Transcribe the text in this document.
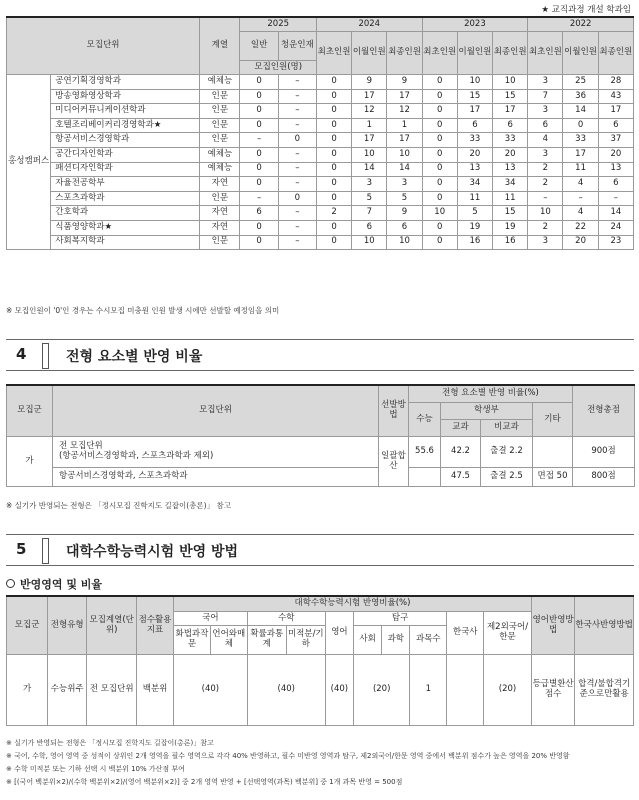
★ 교직과정 개설 학과임
모집단위		계열	2025		2024			2023			2022		
			일반	청운인재	최초인원	이월인원	최종인원	최초인원	이월인원	최종인원	최초인원	이월인원	최종인원
			모집인원(명)										
홍성캠퍼스	공연기획경영학과	예체능	0	–	0	9	9	0	10	10	3	25	28
	방송영화영상학과	인문	0	–	0	17	17	0	15	15	7	36	43
	미디어커뮤니케이션학과	인문	0	–	0	12	12	0	17	17	3	14	17
	호텔조리베이커리경영학과★	인문	0	–	0	1	1	0	6	6	6	0	6
	항공서비스경영학과	인문	–	0	0	17	17	0	33	33	4	33	37
	공간디자인학과	예체능	0	–	0	10	10	0	20	20	3	17	20
	패션디자인학과	예체능	0	–	0	14	14	0	13	13	2	11	13
	자율전공학부	자연	0	–	0	3	3	0	34	34	2	4	6
	스포츠과학과	인문	–	0	0	5	5	0	11	11	–	–	–
	간호학과	자연	6	–	2	7	9	10	5	15	10	4	14
	식품영양학과★	자연	0	–	0	6	6	0	19	19	2	22	24
	사회복지학과	인문	0	–	0	10	10	0	16	16	3	20	23
※ 모집인원이 '0'인 경우는 수시모집 미충원 인원 발생 시에만 선발할 예정임을 의미
4	전형 요소별 반영 비율
모집군	모집단위	선발방법	전형 요소별 반영 비율(%)				전형총점
			수능	학생부		기타	
				교과	비교과		
가	전 모집단위
(항공서비스경영학과, 스포츠과학과 제외)	일괄합산	55.6	42.2	출결 2.2		900점
	항공서비스경영학과, 스포츠과학과			47.5	출결 2.5	면접 50	800점
※ 실기가 반영되는 전형은 「정시모집 진학지도 길잡이(총론)」 참고
5	대학수학능력시험 반영 방법
반영영역 및 비율
모집군	전형유형	모집계열(단위)	점수활용지표	대학수학능력시험 반영비율(%)										영어반영방법	한국사반영방법
				국어		수학		영어	탐구			한국사	제2외국어/한문		
				화법과작문	언어와매체	확률과통계	미적분/기하		사회	과학	과목수				
가	수능위주	전 모집단위	백분위	(40)		(40)		(40)	(20)		1		(20)	등급별환산점수	합격/불합격기준으로만활용
※ 실기가 반영되는 전형은 「정시모집 진학지도 길잡이(총론)」참고
※ 국어, 수학, 영어 영역 중 성적이 상위인 2개 영역을 필수 영역으로 각각 40% 반영하고, 필수 미반영 영역과 탐구, 제2외국어/한문 영역 중에서 백분위 점수가 높은 영역을 20% 반영함
※ 수학 미적분 또는 기하 선택 시 백분위 10% 가산점 부여
※ [(국어 백분위×2)/(수학 백분위×2)/(영어 백분위×2)] 중 2개 영역 반영 + [선택영역(과목) 백분위] 중 1개 과목 반영 = 500점
